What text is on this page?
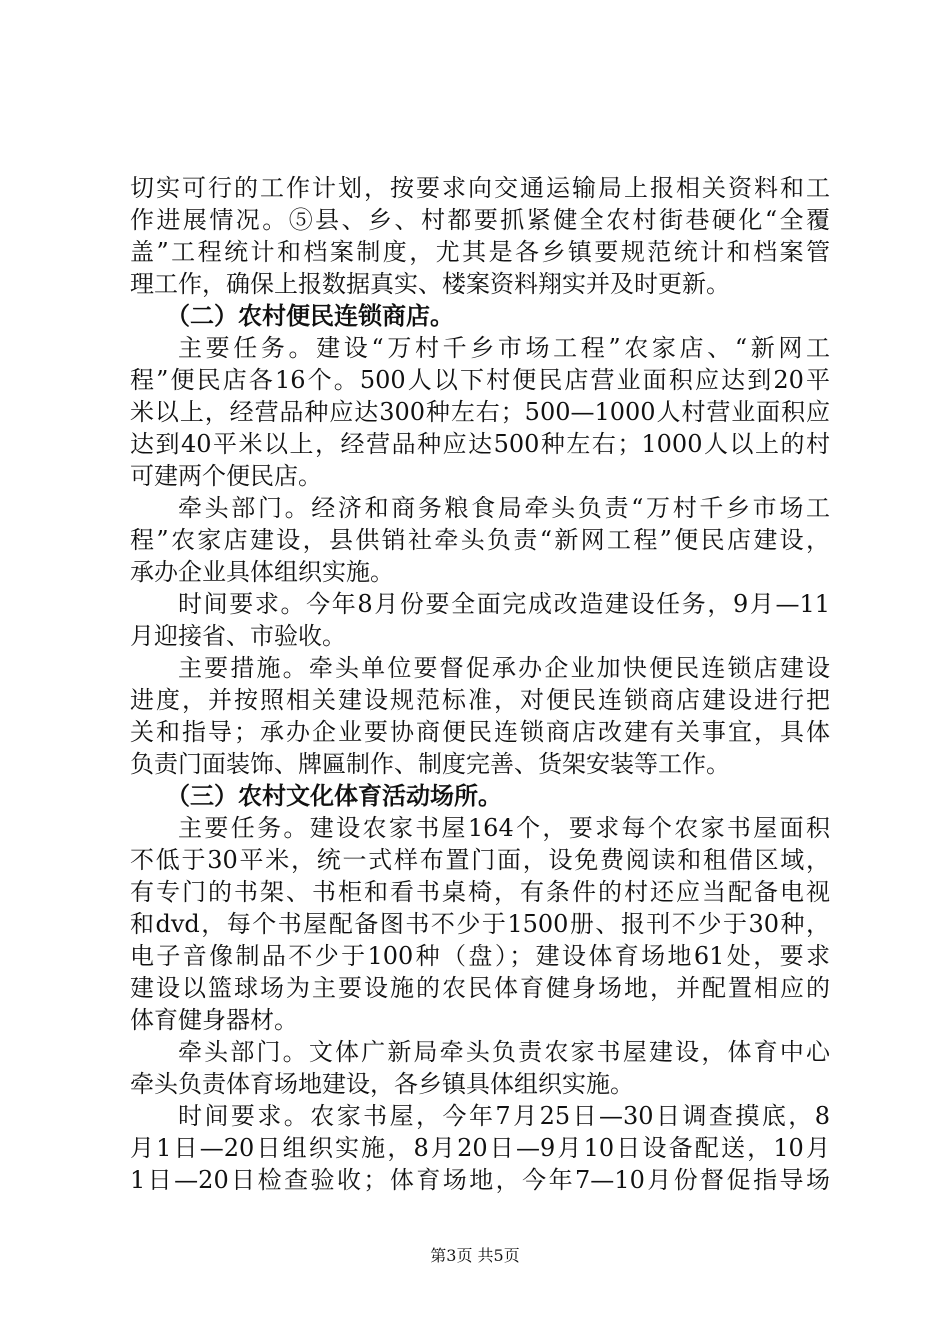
切实可行的工作计划，按要求向交通运输局上报相关资料和工
作进展情况。⑤县、乡、村都要抓紧健全农村街巷硬化“全覆
盖”工程统计和档案制度，尤其是各乡镇要规范统计和档案管
理工作，确保上报数据真实、楼案资料翔实并及时更新。
（二）农村便民连锁商店。
主要任务。建设“万村千乡市场工程”农家店、“新网工
程”便民店各16个。500人以下村便民店营业面积应达到20平
米以上，经营品种应达300种左右；500—1000人村营业面积应
达到40平米以上，经营品种应达500种左右；1000人以上的村
可建两个便民店。
牵头部门。经济和商务粮食局牵头负责“万村千乡市场工
程”农家店建设，县供销社牵头负责“新网工程”便民店建设，
承办企业具体组织实施。
时间要求。今年8月份要全面完成改造建设任务，9月—11
月迎接省、市验收。
主要措施。牵头单位要督促承办企业加快便民连锁店建设
进度，并按照相关建设规范标准，对便民连锁商店建设进行把
关和指导；承办企业要协商便民连锁商店改建有关事宜，具体
负责门面装饰、牌匾制作、制度完善、货架安装等工作。
（三）农村文化体育活动场所。
主要任务。建设农家书屋164个，要求每个农家书屋面积
不低于30平米，统一式样布置门面，设免费阅读和租借区域，
有专门的书架、书柜和看书桌椅，有条件的村还应当配备电视
和dvd，每个书屋配备图书不少于1500册、报刊不少于30种，
电子音像制品不少于100种（盘）；建设体育场地61处，要求
建设以篮球场为主要设施的农民体育健身场地，并配置相应的
体育健身器材。
牵头部门。文体广新局牵头负责农家书屋建设，体育中心
牵头负责体育场地建设，各乡镇具体组织实施。
时间要求。农家书屋，今年7月25日—30日调查摸底，8
月1日—20日组织实施，8月20日—9月10日设备配送，10月
1日—20日检查验收；体育场地，今年7—10月份督促指导场
第3页 共5页
